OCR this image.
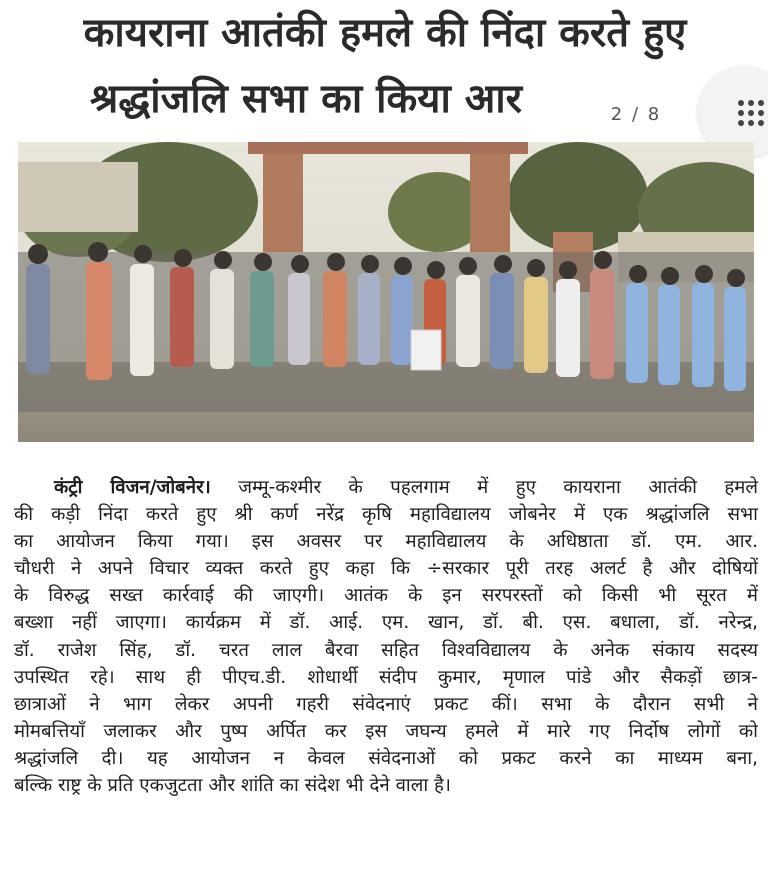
कायराना आतंकी हमले की निंदा करते हुए
श्रद्धांजलि सभा का किया आर	2 / 8
कंट्री विजन/जोबनेर। जम्मू-कश्मीर के पहलगाम में हुए कायराना आतंकी हमले
की कड़ी निंदा करते हुए श्री कर्ण नरेंद्र कृषि महाविद्यालय जोबनेर में एक श्रद्धांजलि सभा
का आयोजन किया गया। इस अवसर पर महाविद्यालय के अधिष्ठाता डॉ. एम. आर.
चौधरी ने अपने विचार व्यक्त करते हुए कहा कि ÷सरकार पूरी तरह अलर्ट है और दोषियों
के विरुद्ध सख्त कार्रवाई की जाएगी। आतंक के इन सरपरस्तों को किसी भी सूरत में
बख्शा नहीं जाएगा। कार्यक्रम में डॉ. आई. एम. खान, डॉ. बी. एस. बधाला, डॉ. नरेन्द्र,
डॉ. राजेश सिंह, डॉ. चरत लाल बैरवा सहित विश्वविद्यालय के अनेक संकाय सदस्य
उपस्थित रहे। साथ ही पीएच.डी. शोधार्थी संदीप कुमार, मृणाल पांडे और सैकड़ों छात्र-
छात्राओं ने भाग लेकर अपनी गहरी संवेदनाएं प्रकट कीं। सभा के दौरान सभी ने
मोमबत्तियाँ जलाकर और पुष्प अर्पित कर इस जघन्य हमले में मारे गए निर्दोष लोगों को
श्रद्धांजलि दी। यह आयोजन न केवल संवेदनाओं को प्रकट करने का माध्यम बना,
बल्कि राष्ट्र के प्रति एकजुटता और शांति का संदेश भी देने वाला है।
